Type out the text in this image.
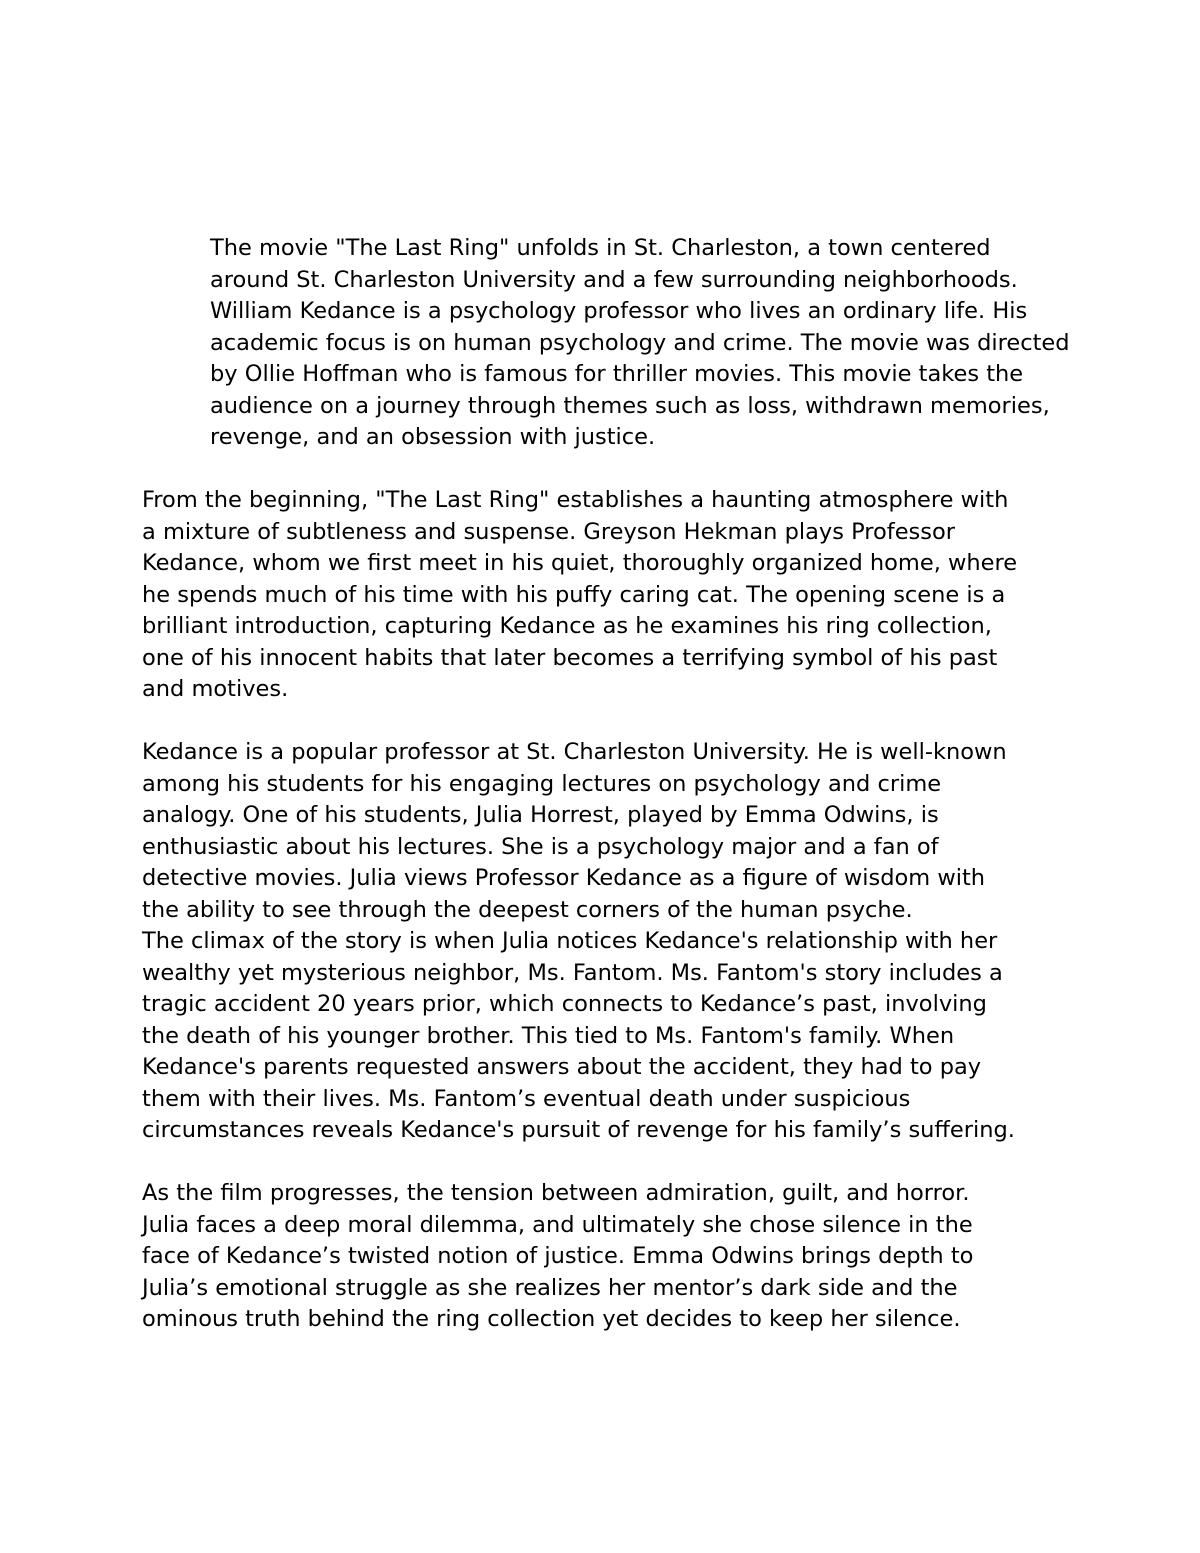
The movie "The Last Ring" unfolds in St. Charleston, a town centered
around St. Charleston University and a few surrounding neighborhoods.
William Kedance is a psychology professor who lives an ordinary life. His
academic focus is on human psychology and crime. The movie was directed
by Ollie Hoffman who is famous for thriller movies. This movie takes the
audience on a journey through themes such as loss, withdrawn memories,
revenge, and an obsession with justice.

From the beginning, "The Last Ring" establishes a haunting atmosphere with
a mixture of subtleness and suspense. Greyson Hekman plays Professor
Kedance, whom we first meet in his quiet, thoroughly organized home, where
he spends much of his time with his puffy caring cat. The opening scene is a
brilliant introduction, capturing Kedance as he examines his ring collection,
one of his innocent habits that later becomes a terrifying symbol of his past
and motives.

Kedance is a popular professor at St. Charleston University. He is well-known
among his students for his engaging lectures on psychology and crime
analogy. One of his students, Julia Horrest, played by Emma Odwins, is
enthusiastic about his lectures. She is a psychology major and a fan of
detective movies. Julia views Professor Kedance as a figure of wisdom with
the ability to see through the deepest corners of the human psyche.

The climax of the story is when Julia notices Kedance's relationship with her
wealthy yet mysterious neighbor, Ms. Fantom. Ms. Fantom's story includes a
tragic accident 20 years prior, which connects to Kedance’s past, involving
the death of his younger brother. This tied to Ms. Fantom's family. When
Kedance's parents requested answers about the accident, they had to pay
them with their lives. Ms. Fantom’s eventual death under suspicious
circumstances reveals Kedance's pursuit of revenge for his family’s suffering.

As the film progresses, the tension between admiration, guilt, and horror.
Julia faces a deep moral dilemma, and ultimately she chose silence in the
face of Kedance’s twisted notion of justice. Emma Odwins brings depth to
Julia’s emotional struggle as she realizes her mentor’s dark side and the
ominous truth behind the ring collection yet decides to keep her silence.
